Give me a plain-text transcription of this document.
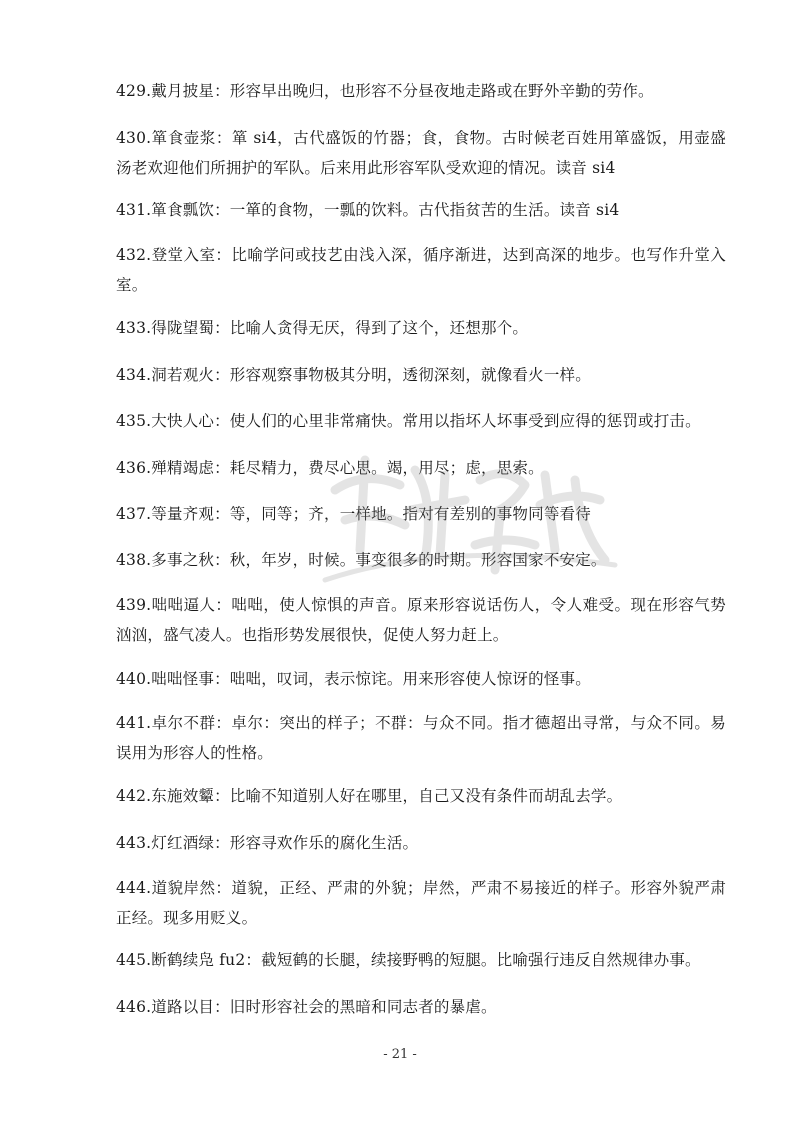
429.戴月披星：形容早出晚归，也形容不分昼夜地走路或在野外辛勤的劳作。
430.箪食壶浆：箪 si4，古代盛饭的竹器；食，食物。古时候老百姓用箪盛饭，用壶盛汤老欢迎他们所拥护的军队。后来用此形容军队受欢迎的情况。读音 si4
431.箪食瓢饮：一箪的食物，一瓢的饮料。古代指贫苦的生活。读音 si4
432.登堂入室：比喻学问或技艺由浅入深，循序渐进，达到高深的地步。也写作升堂入室。
433.得陇望蜀：比喻人贪得无厌，得到了这个，还想那个。
434.洞若观火：形容观察事物极其分明，透彻深刻，就像看火一样。
435.大快人心：使人们的心里非常痛快。常用以指坏人坏事受到应得的惩罚或打击。
436.殚精竭虑：耗尽精力，费尽心思。竭，用尽；虑，思索。
437.等量齐观：等，同等；齐，一样地。指对有差别的事物同等看待
438.多事之秋：秋，年岁，时候。事变很多的时期。形容国家不安定。
439.咄咄逼人：咄咄，使人惊惧的声音。原来形容说话伤人，令人难受。现在形容气势汹汹，盛气凌人。也指形势发展很快，促使人努力赶上。
440.咄咄怪事：咄咄，叹词，表示惊诧。用来形容使人惊讶的怪事。
441.卓尔不群：卓尔：突出的样子；不群：与众不同。指才德超出寻常，与众不同。易误用为形容人的性格。
442.东施效颦：比喻不知道别人好在哪里，自己又没有条件而胡乱去学。
443.灯红酒绿：形容寻欢作乐的腐化生活。
444.道貌岸然：道貌，正经、严肃的外貌；岸然，严肃不易接近的样子。形容外貌严肃正经。现多用贬义。
445.断鹤续凫 fu2：截短鹤的长腿，续接野鸭的短腿。比喻强行违反自然规律办事。
446.道路以目：旧时形容社会的黑暗和同志者的暴虐。
- 21 -
